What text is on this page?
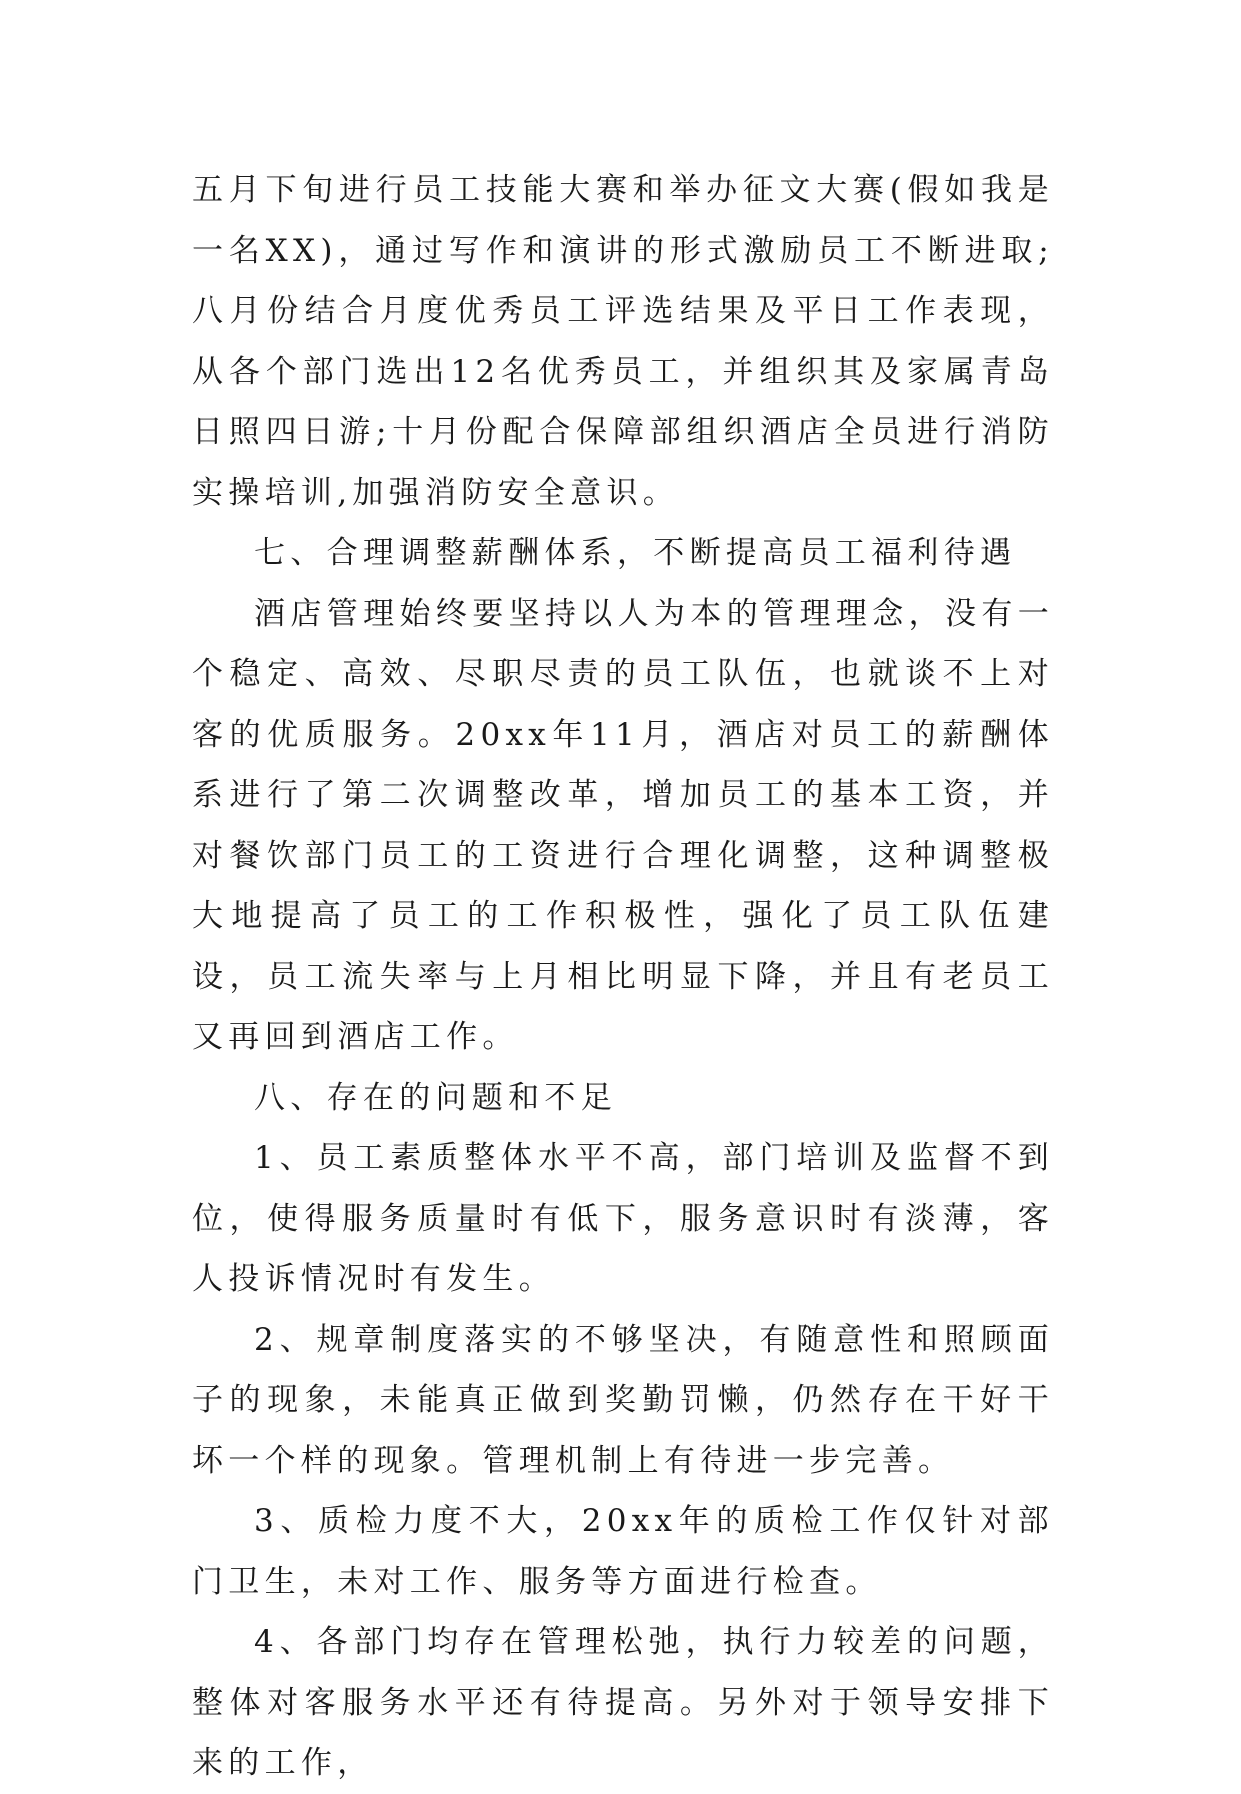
五月下旬进行员工技能大赛和举办征文大赛(假如我是一名XX)，通过写作和演讲的形式激励员工不断进取;八月份结合月度优秀员工评选结果及平日工作表现，从各个部门选出12名优秀员工，并组织其及家属青岛日照四日游;十月份配合保障部组织酒店全员进行消防实操培训,加强消防安全意识。

七、合理调整薪酬体系，不断提高员工福利待遇

酒店管理始终要坚持以人为本的管理理念，没有一个稳定、高效、尽职尽责的员工队伍，也就谈不上对客的优质服务。20xx年11月，酒店对员工的薪酬体系进行了第二次调整改革，增加员工的基本工资，并对餐饮部门员工的工资进行合理化调整，这种调整极大地提高了员工的工作积极性，强化了员工队伍建设，员工流失率与上月相比明显下降，并且有老员工又再回到酒店工作。

八、存在的问题和不足

1、员工素质整体水平不高，部门培训及监督不到位，使得服务质量时有低下，服务意识时有淡薄，客人投诉情况时有发生。

2、规章制度落实的不够坚决，有随意性和照顾面子的现象，未能真正做到奖勤罚懒，仍然存在干好干坏一个样的现象。管理机制上有待进一步完善。

3、质检力度不大，20xx年的质检工作仅针对部门卫生，未对工作、服务等方面进行检查。

4、各部门均存在管理松弛，执行力较差的问题，整体对客服务水平还有待提高。另外对于领导安排下来的工作，
